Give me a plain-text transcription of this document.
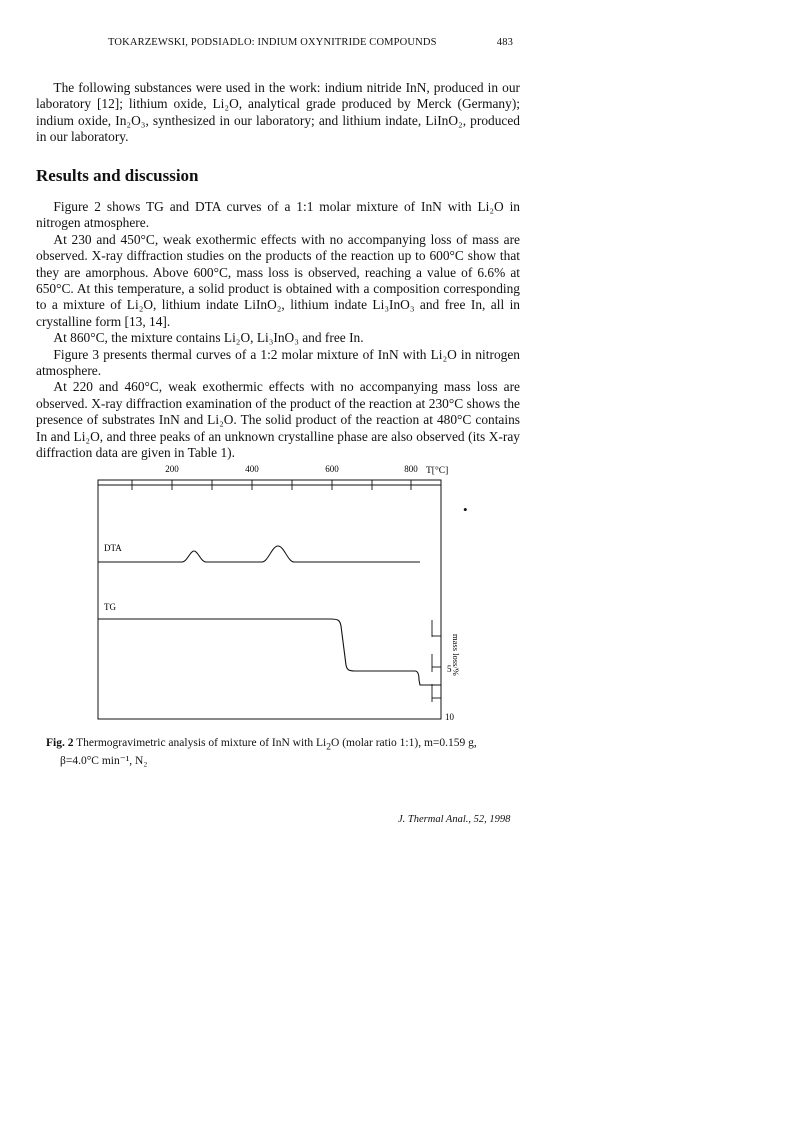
TOKARZEWSKI, PODSIADLO: INDIUM OXYNITRIDE COMPOUNDS	483

The following substances were used in the work: indium nitride InN, produced in our laboratory [12]; lithium oxide, Li₂O, analytical grade produced by Merck (Germany); indium oxide, In₂O₃, synthesized in our laboratory; and lithium indate, LiInO₂, produced in our laboratory.

Results and discussion

Figure 2 shows TG and DTA curves of a 1:1 molar mixture of InN with Li₂O in nitrogen atmosphere.

At 230 and 450°C, weak exothermic effects with no accompanying loss of mass are observed. X-ray diffraction studies on the products of the reaction up to 600°C show that they are amorphous. Above 600°C, mass loss is observed, reaching a value of 6.6% at 650°C. At this temperature, a solid product is obtained with a composition corresponding to a mixture of Li₂O, lithium indate LiInO₂, lithium indate Li₃InO₃ and free In, all in crystalline form [13, 14].

At 860°C, the mixture contains Li₂O, Li₃InO₃ and free In.

Figure 3 presents thermal curves of a 1:2 molar mixture of InN with Li₂O in nitrogen atmosphere.

At 220 and 460°C, weak exothermic effects with no accompanying mass loss are observed. X-ray diffraction examination of the product of the reaction at 230°C shows the presence of substrates InN and Li₂O. The solid product of the reaction at 480°C contains In and Li₂O, and three peaks of an unknown crystalline phase are also observed (its X-ray diffraction data are given in Table 1).

200	400	600	800 T[°C]
DTA
TG
mass loss/%
5
10
•
Fig. 2 Thermogravimetric analysis of mixture of InN with $Li_2O$ (molar ratio 1:1), m=0.159 g,
β=4.0°C min⁻¹, N₂
J. Thermal Anal., 52, 1998
